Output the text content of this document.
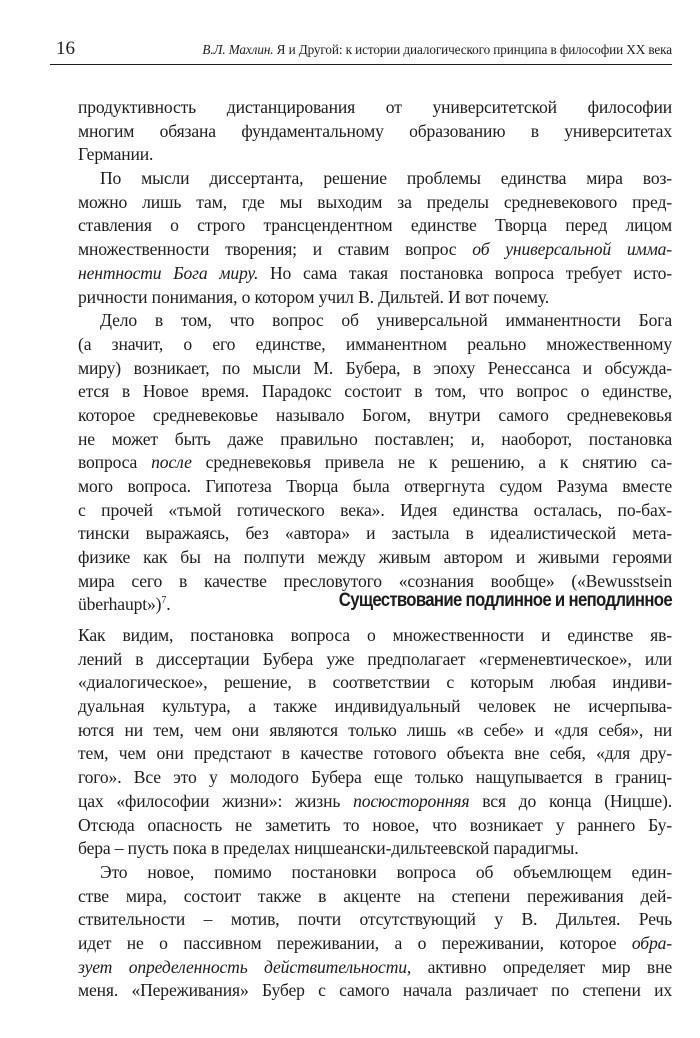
16	В.Л. Махлин. Я и Другой: к истории диалогического принципа в философии XX века
продуктивность дистанцирования от университетской философии
многим обязана фундаментальному образованию в университетах
Германии.
По мысли диссертанта, решение проблемы единства мира воз-
можно лишь там, где мы выходим за пределы средневекового пред-
ставления о строго трансцендентном единстве Творца перед лицом
множественности творения; и ставим вопрос об универсальной имма-
нентности Бога миру. Но сама такая постановка вопроса требует исто-
ричности понимания, о котором учил В. Дильтей. И вот почему.
Дело в том, что вопрос об универсальной имманентности Бога
(а значит, о его единстве, имманентном реально множественному
миру) возникает, по мысли М. Бубера, в эпоху Ренессанса и обсужда-
ется в Новое время. Парадокс состоит в том, что вопрос о единстве,
которое средневековье называло Богом, внутри самого средневековья
не может быть даже правильно поставлен; и, наоборот, постановка
вопроса после средневековья привела не к решению, а к снятию са-
мого вопроса. Гипотеза Творца была отвергнута судом Разума вместе
с прочей «тьмой готического века». Идея единства осталась, по-бах-
тински выражаясь, без «автора» и застыла в идеалистической мета-
физике как бы на полпути между живым автором и живыми героями
мира сего в качестве пресловутого «сознания вообще» («Bewusstsein
überhaupt»)$^7$.	Существование подлинное и неподлинное
Как видим, постановка вопроса о множественности и единстве яв-
лений в диссертации Бубера уже предполагает «герменевтическое», или
«диалогическое», решение, в соответствии с которым любая индиви-
дуальная культура, а также индивидуальный человек не исчерпыва-
ются ни тем, чем они являются только лишь «в себе» и «для себя», ни
тем, чем они предстают в качестве готового объекта вне себя, «для дру-
гого». Все это у молодого Бубера еще только нащупывается в границ-
цах «философии жизни»: жизнь посюсторонняя вся до конца (Ницше).
Отсюда опасность не заметить то новое, что возникает у раннего Бу-
бера – пусть пока в пределах ницшеански-дильтеевской парадигмы.
Это новое, помимо постановки вопроса об объемлющем един-
стве мира, состоит также в акценте на степени переживания дей-
ствительности – мотив, почти отсутствующий у В. Дильтея. Речь
идет не о пассивном переживании, а о переживании, которое обра-
зует определенность действительности, активно определяет мир вне
меня. «Переживания» Бубер с самого начала различает по степени их
